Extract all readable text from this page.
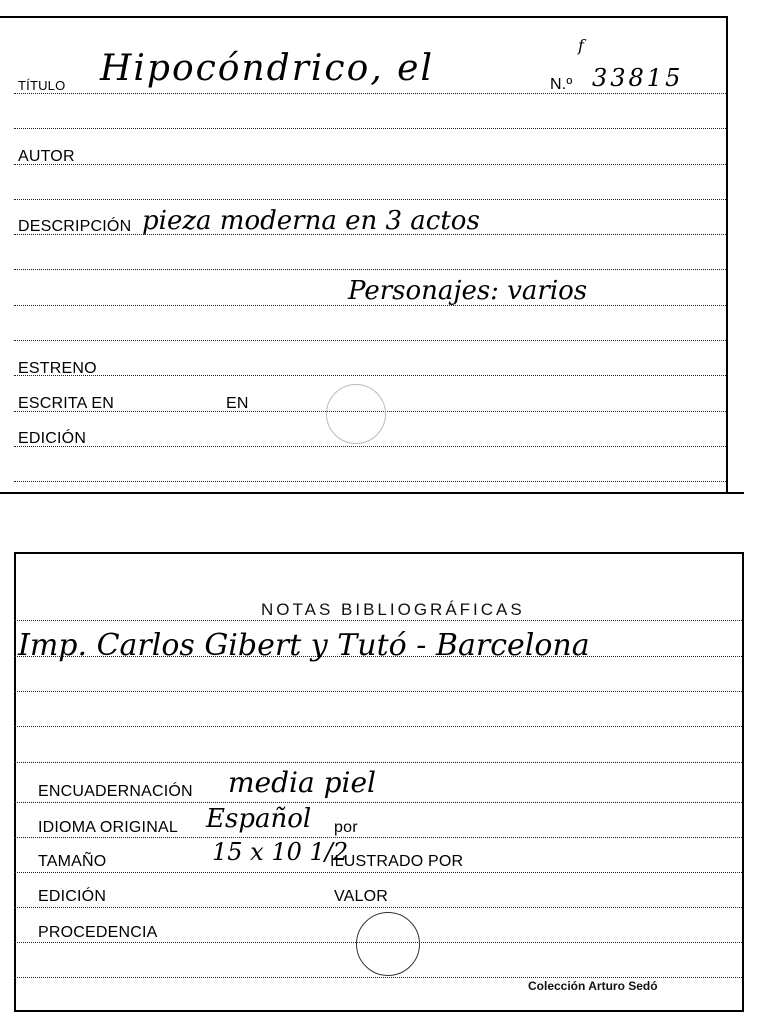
TÍTULO Hipocóndrico, el	N.º 33815
f
AUTOR
DESCRIPCIÓN pieza moderna en 3 actos
Personajes: varios
ESTRENO
ESCRITA EN	EN
EDICIÓN
NOTAS BIBLIOGRÁFICAS
Imp. Carlos Gibert y Tutó - Barcelona
ENCUADERNACIÓN media piel
IDIOMA ORIGINAL Español por
TAMAÑO	15 x 10 1/2
ILUSTRADO POR
EDICIÓN	VALOR
PROCEDENCIA
Colección Arturo Sedó
